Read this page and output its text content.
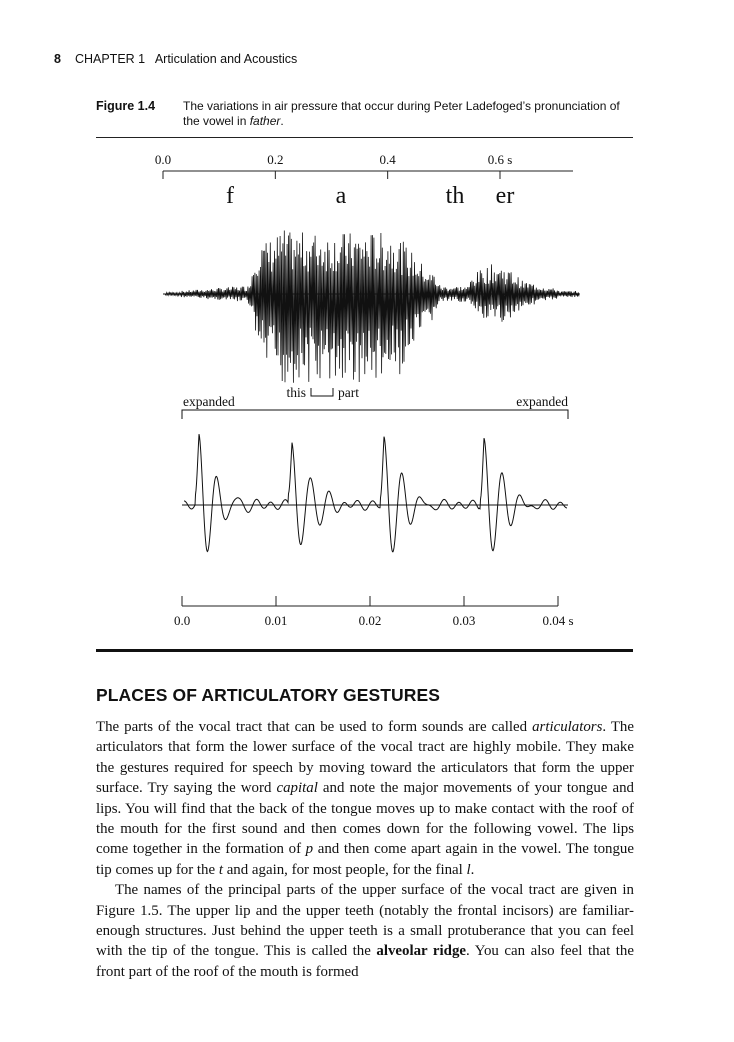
8 CHAPTER 1   Articulation and Acoustics
Figure 1.4 The variations in air pressure that occur during Peter Ladefoged’s pronunciation of the vowel in father.
0.0	0.2	0.4	0.6 s
f	a	th er
expanded	expanded
this part
0.0	0.01	0.02	0.03	0.04 s
PLACES OF ARTICULATORY GESTURES

The parts of the vocal tract that can be used to form sounds are called articulators. The articulators that form the lower surface of the vocal tract are highly mobile. They make the gestures required for speech by moving toward the articulators that form the upper surface. Try saying the word capital and note the major movements of your tongue and lips. You will find that the back of the tongue moves up to make contact with the roof of the mouth for the first sound and then comes down for the following vowel. The lips come together in the formation of p and then come apart again in the vowel. The tongue tip comes up for the t and again, for most people, for the final l.

The names of the principal parts of the upper surface of the vocal tract are given in Figure 1.5. The upper lip and the upper teeth (notably the frontal incisors) are familiar-enough structures. Just behind the upper teeth is a small protuberance that you can feel with the tip of the tongue. This is called the alveolar ridge. You can also feel that the front part of the roof of the mouth is formed
